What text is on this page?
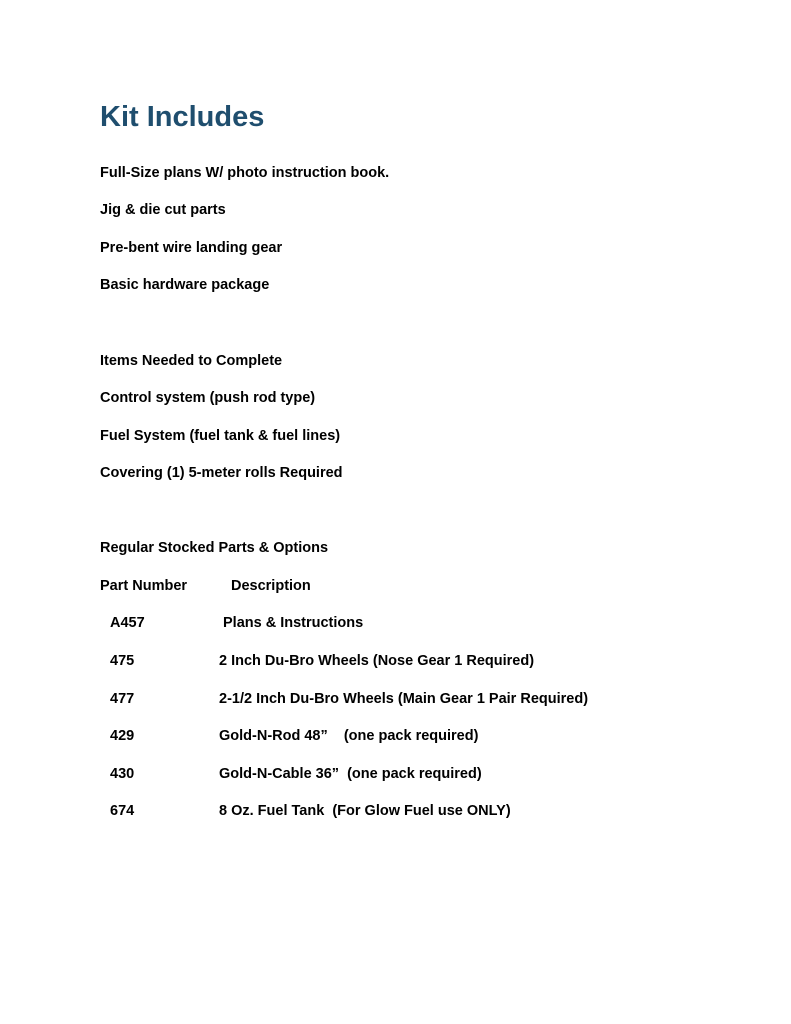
Kit Includes

Full-Size plans W/ photo instruction book.

Jig & die cut parts

Pre-bent wire landing gear

Basic hardware package

Items Needed to Complete

Control system (push rod type)

Fuel System (fuel tank & fuel lines)

Covering (1) 5-meter rolls Required

Regular Stocked Parts & Options

Part Number	Description

A457	Plans & Instructions

475	2 Inch Du-Bro Wheels (Nose Gear 1 Required)

477	2-1/2 Inch Du-Bro Wheels (Main Gear 1 Pair Required)

429	Gold-N-Rod 48”    (one pack required)

430	Gold-N-Cable 36”  (one pack required)

674	8 Oz. Fuel Tank  (For Glow Fuel use ONLY)
